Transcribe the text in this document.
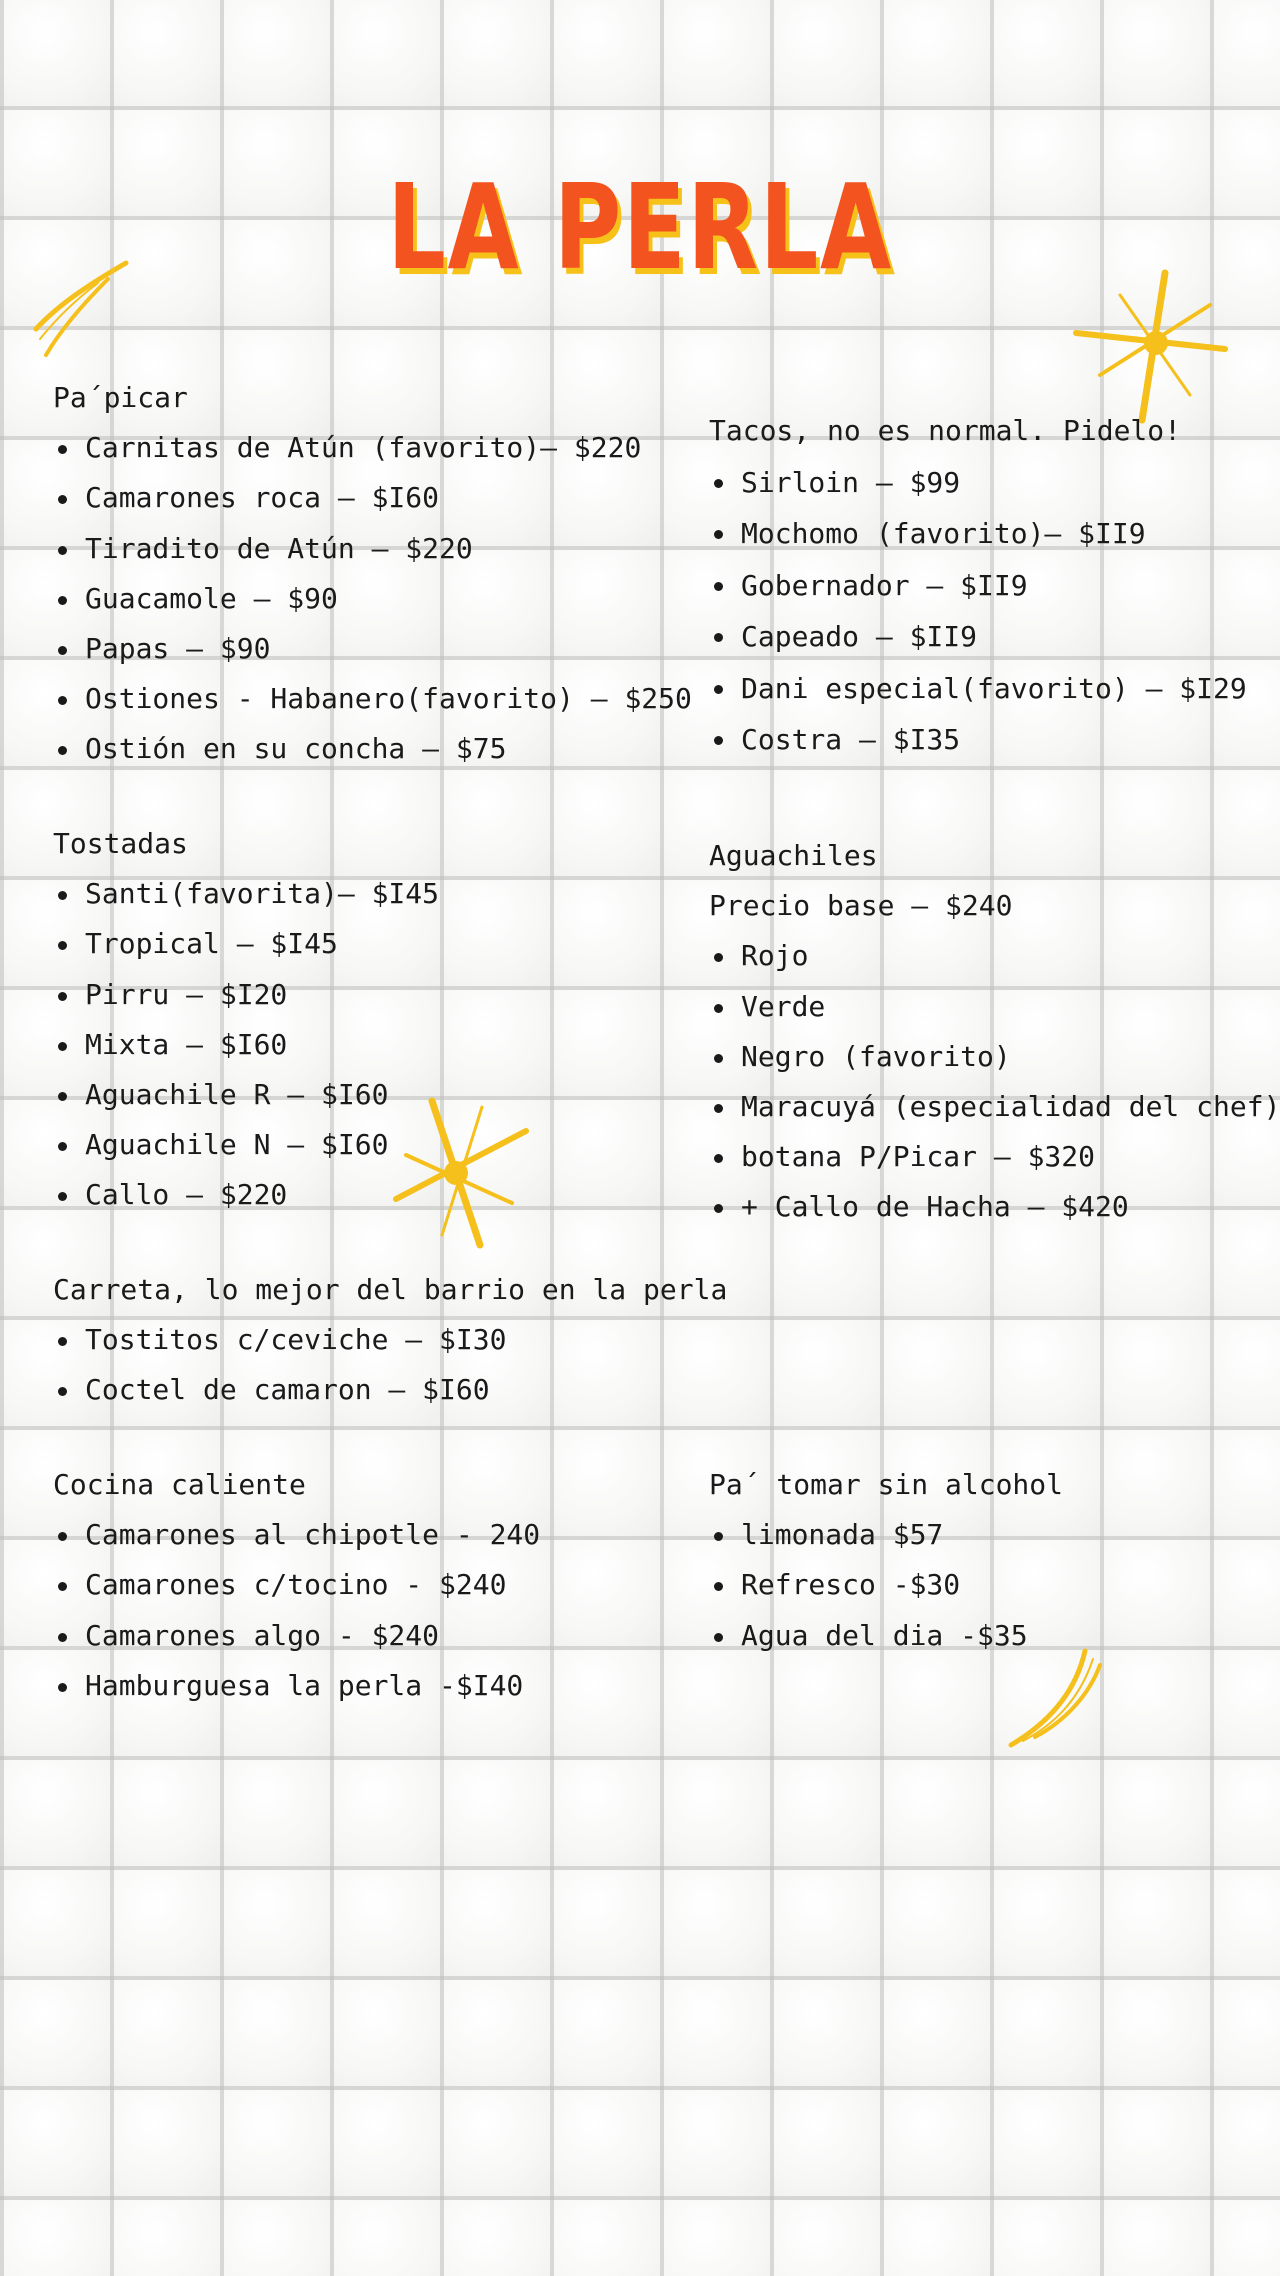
LA PERLA
Pa´picar
Carnitas de Atún (favorito)– $220
Camarones roca – $I60
Tiradito de Atún – $220
Guacamole – $90
Papas – $90
Ostiones - Habanero(favorito) – $250
Ostión en su concha – $75
Tacos, no es normal. Pidelo!
Sirloin – $99
Mochomo (favorito)– $II9
Gobernador – $II9
Capeado – $II9
Dani especial(favorito) – $I29
Costra – $I35
Tostadas
Santi(favorita)– $I45
Tropical – $I45
Pirru – $I20
Mixta – $I60
Aguachile R – $I60
Aguachile N – $I60
Callo – $220
Aguachiles
Precio base – $240
Rojo
Verde
Negro (favorito)
Maracuyá (especialidad del chef)
botana P/Picar – $320
+ Callo de Hacha – $420
Carreta, lo mejor del barrio en la perla
Tostitos c/ceviche – $I30
Coctel de camaron – $I60
Cocina caliente
Camarones al chipotle - 240
Camarones c/tocino - $240
Camarones algo - $240
Hamburguesa la perla -$I40
Pa´ tomar sin alcohol
limonada $57
Refresco -$30
Agua del dia -$35
